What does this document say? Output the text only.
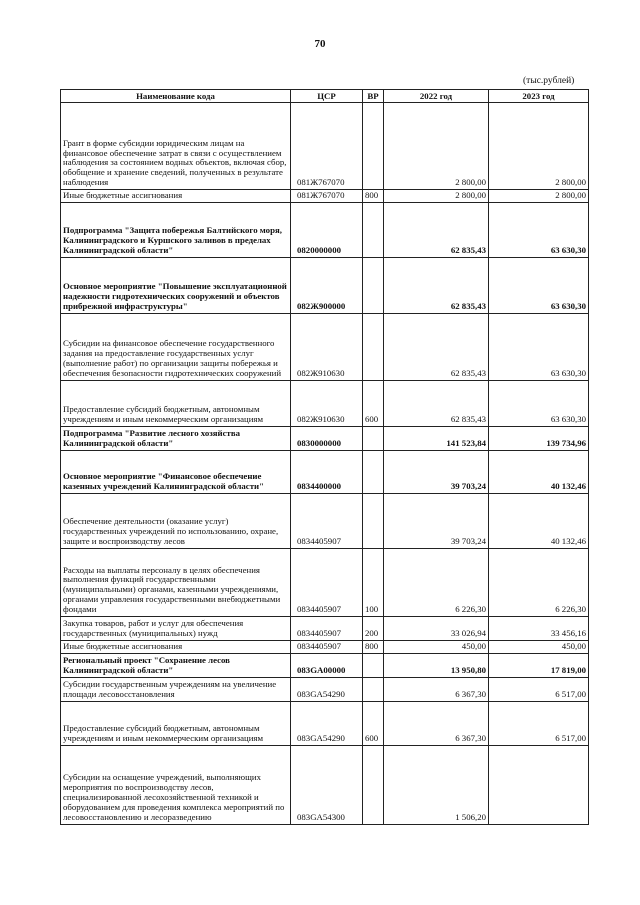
70
(тыс.рублей)
Наименование кода	ЦСР	ВР	2022 год	2023 год
Грант в форме субсидии юридическим лицам на финансовое обеспечение затрат в связи с осуществлением наблюдения за состоянием водных объектов, включая сбор, обобщение и хранение сведений, полученных в результате наблюдения	081Ж767070		2 800,00	2 800,00
Иные бюджетные ассигнования	081Ж767070	800	2 800,00	2 800,00
Подпрограмма "Защита побережья Балтийского моря, Калининградского и Куршского заливов в пределах Калининградской области"	0820000000		62 835,43	63 630,30
Основное мероприятие "Повышение эксплуатационной надежности гидротехнических сооружений и объектов прибрежной инфраструктуры"	082Ж900000		62 835,43	63 630,30
Субсидии на финансовое обеспечение государственного задания на предоставление государственных услуг (выполнение работ) по организации защиты побережья и обеспечения безопасности гидротехнических сооружений	082Ж910630		62 835,43	63 630,30
Предоставление субсидий бюджетным, автономным учреждениям и иным некоммерческим организациям	082Ж910630	600	62 835,43	63 630,30
Подпрограмма "Развитие лесного хозяйства Калининградской области"	0830000000		141 523,84	139 734,96
Основное мероприятие "Финансовое обеспечение казенных учреждений Калининградской области"	0834400000		39 703,24	40 132,46
Обеспечение деятельности (оказание услуг) государственных учреждений по использованию, охране, защите и воспроизводству лесов	0834405907		39 703,24	40 132,46
Расходы на выплаты персоналу в целях обеспечения выполнения функций государственными (муниципальными) органами, казенными учреждениями, органами управления государственными внебюджетными фондами	0834405907	100	6 226,30	6 226,30
Закупка товаров, работ и услуг для обеспечения государственных (муниципальных) нужд	0834405907	200	33 026,94	33 456,16
Иные бюджетные ассигнования	0834405907	800	450,00	450,00
Региональный проект "Сохранение лесов Калининградской области"	083GA00000		13 950,80	17 819,00
Субсидии государственным учреждениям на увеличение площади лесовосстановления	083GA54290		6 367,30	6 517,00
Предоставление субсидий бюджетным, автономным учреждениям и иным некоммерческим организациям	083GA54290	600	6 367,30	6 517,00
Субсидии на оснащение учреждений, выполняющих мероприятия по воспроизводству лесов, специализированной лесохозяйственной техникой и оборудованием для проведения комплекса мероприятий по лесовосстановлению и лесоразведению	083GA54300		1 506,20	
